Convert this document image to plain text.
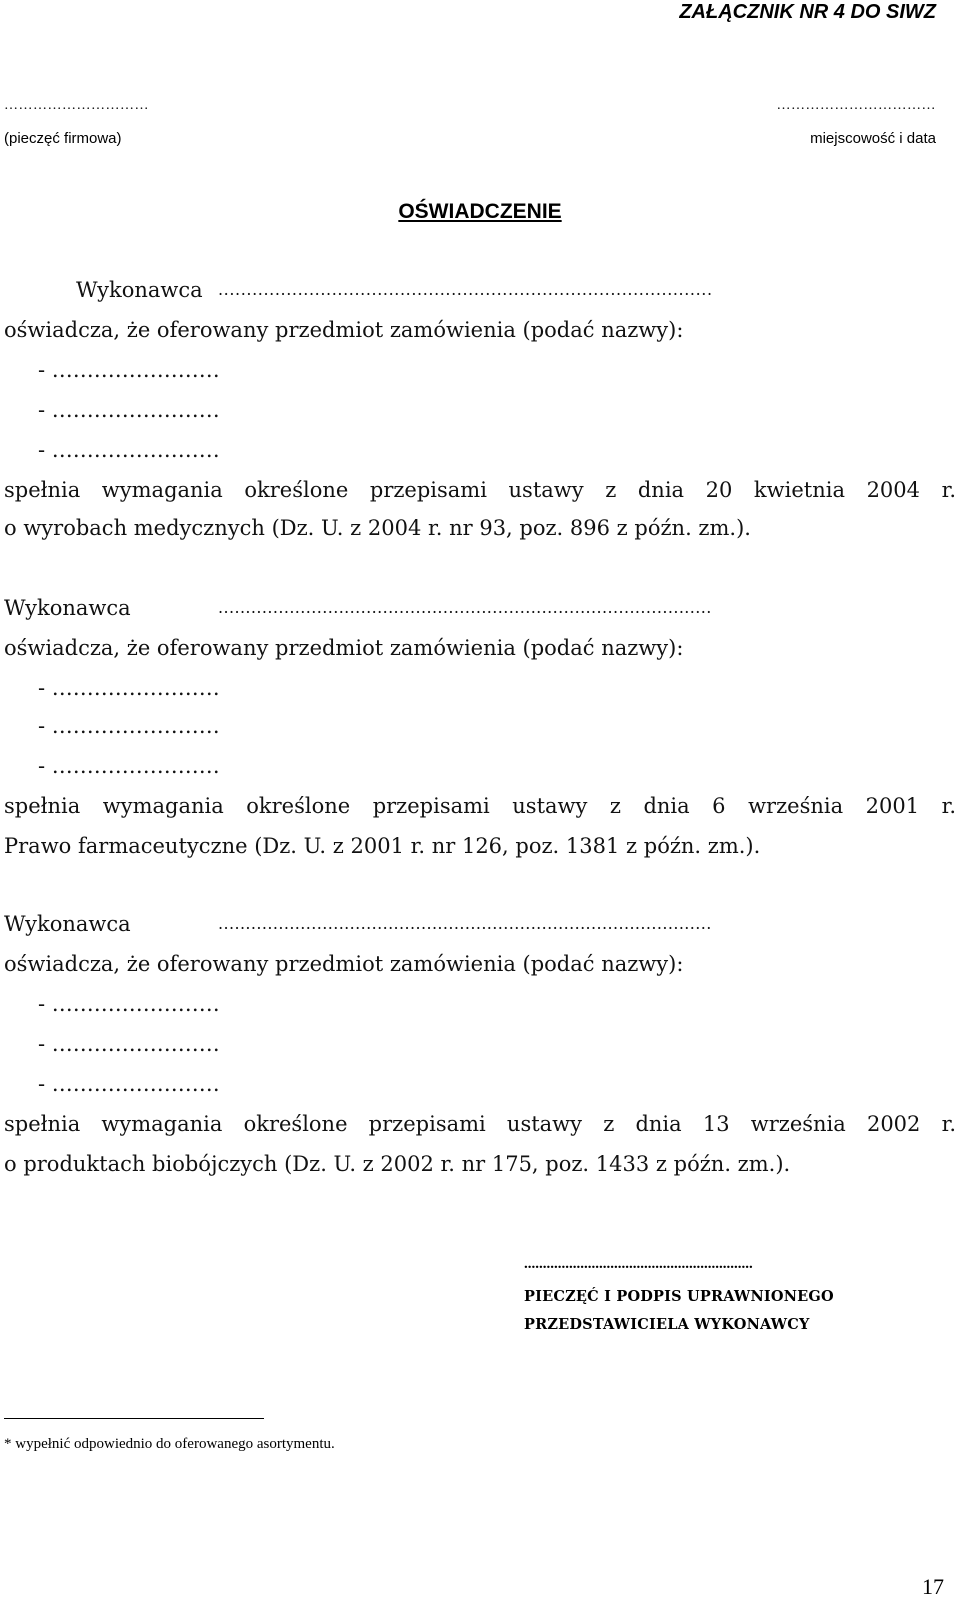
ZAŁĄCZNIK NR 4 DO SIWZ
…………………………	……………………………
(pieczęć firmowa)	miejscowość i data
OŚWIADCZENIE
Wykonawca .......................................................................................
oświadcza, że oferowany przedmiot zamówienia (podać nazwy):
- ……………………
- ……………………
- ……………………
spełnia wymagania określone przepisami ustawy z dnia 20 kwietnia 2004 r.
o wyrobach medycznych (Dz. U. z 2004 r. nr 93, poz. 896 z późn. zm.).
Wykonawca	..........................................................................................
oświadcza, że oferowany przedmiot zamówienia (podać nazwy):
- ……………………
- ……………………
- ……………………
spełnia wymagania określone przepisami ustawy z dnia 6 września 2001 r.
Prawo farmaceutyczne (Dz. U. z 2001 r. nr 126, poz. 1381 z późn. zm.).
Wykonawca	..........................................................................................
oświadcza, że oferowany przedmiot zamówienia (podać nazwy):
- ……………………
- ……………………
- ……………………
spełnia wymagania określone przepisami ustawy z dnia 13 września 2002 r.
o produktach biobójczych (Dz. U. z 2002 r. nr 175, poz. 1433 z późn. zm.).
.............................................................
PIECZĘĆ I PODPIS UPRAWNIONEGO
PRZEDSTAWICIELA WYKONAWCY
* wypełnić odpowiednio do oferowanego asortymentu.
17
